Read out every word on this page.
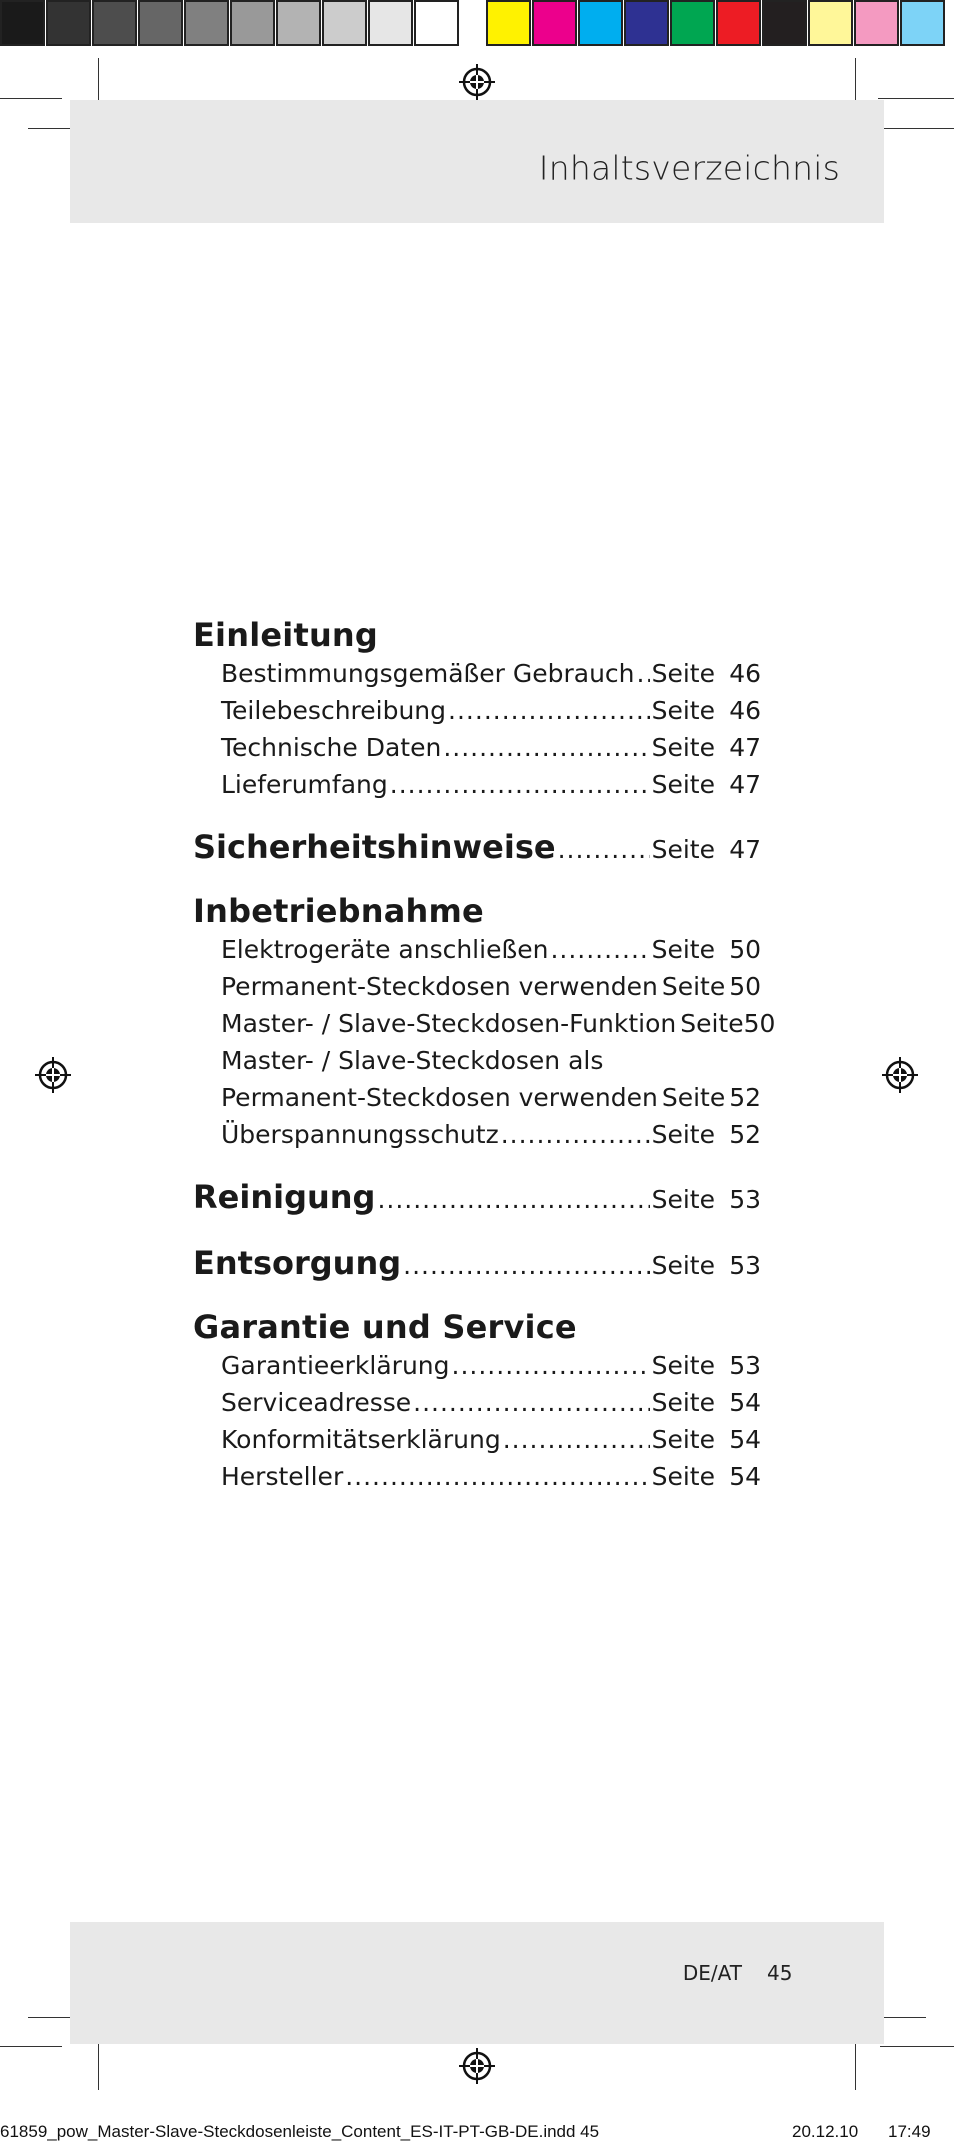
Inhaltsverzeichnis
Einleitung
Bestimmungsgemäßer Gebrauch ..... Seite 46
Teilebeschreibung .....	Seite 46
Technische Daten .....	Seite 47
Lieferumfang .....	Seite 47
Sicherheitshinweise .....	Seite 47
Inbetriebnahme
Elektrogeräte anschließen .....	Seite 50
Permanent-Steckdosen verwenden Seite 50
Master- / Slave-Steckdosen-Funktion Seite 50
Master- / Slave-Steckdosen als
Permanent-Steckdosen verwenden Seite 52
Überspannungsschutz .....	Seite 52
Reinigung .....	Seite 53
Entsorgung .....	Seite 53
Garantie und Service
Garantieerklärung .....	Seite 53
Serviceadresse .....	Seite 54
Konformitätserklärung .....	Seite 54
Hersteller .....	Seite 54
DE/AT 45
61859_pow_Master-Slave-Steckdosenleiste_Content_ES-IT-PT-GB-DE.indd 45	20.12.10 17:49
